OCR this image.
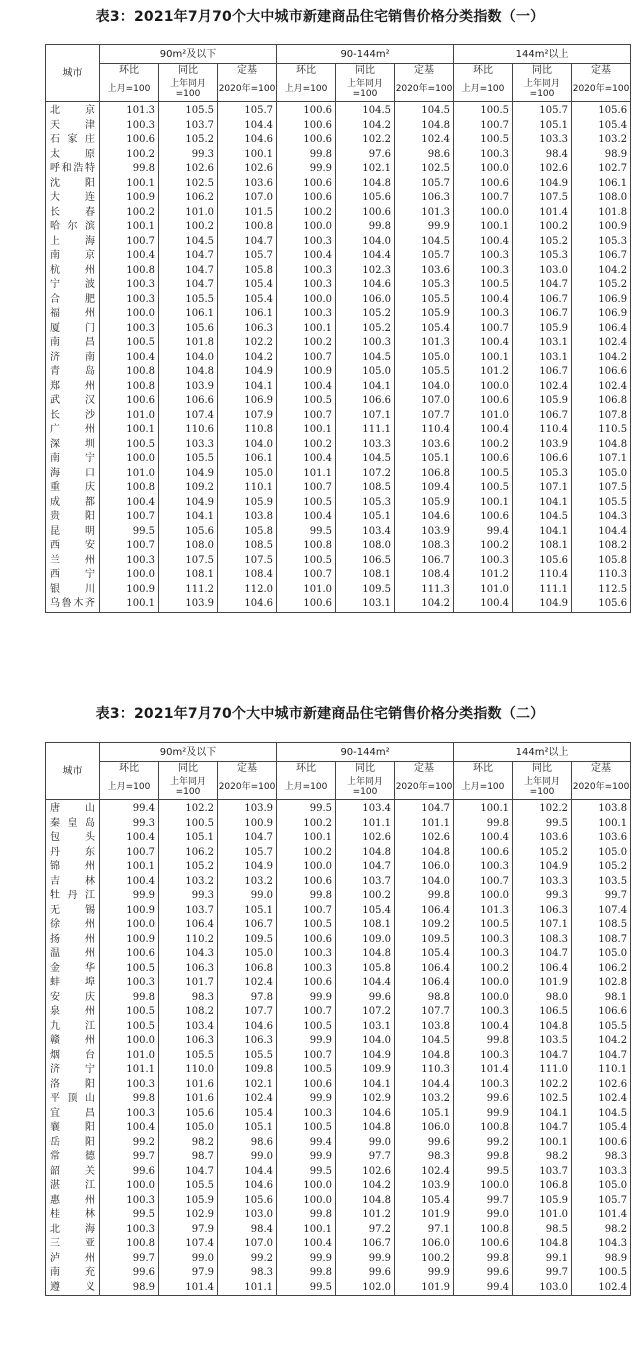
表3：2021年7月70个大中城市新建商品住宅销售价格分类指数（一）
城市	90m²及以下			90-144m²			144m²以上		
	环比	同比	定基	环比	同比	定基	环比	同比	定基
	上月=100	上年同月=100	2020年=100	上月=100	上年同月=100	2020年=100	上月=100	上年同月=100	2020年=100
北　京	101.3	105.5	105.7	100.6	104.5	104.5	100.5	105.7	105.6
天　津	100.3	103.7	104.4	100.6	104.2	104.8	100.7	105.1	105.4
石家庄	100.6	105.2	104.6	100.6	102.2	102.4	100.5	103.3	103.2
太　原	100.2	99.3	100.1	99.8	97.6	98.6	100.3	98.4	98.9
呼和浩特	99.8	102.6	102.6	99.9	102.1	102.5	100.0	102.6	102.7
沈　阳	100.1	102.5	103.6	100.6	104.8	105.7	100.6	104.9	106.1
大　连	100.9	106.2	107.0	100.6	105.6	106.3	100.7	107.5	108.0
长　春	100.2	101.0	101.5	100.2	100.6	101.3	100.0	101.4	101.8
哈尔滨	100.1	100.2	100.8	100.0	99.8	99.9	100.1	100.2	100.9
上　海	100.7	104.5	104.7	100.3	104.0	104.5	100.4	105.2	105.3
南　京	100.4	104.7	105.7	100.4	104.4	105.7	100.3	105.3	106.7
杭　州	100.8	104.7	105.8	100.3	102.3	103.6	100.3	103.0	104.2
宁　波	100.3	104.7	105.4	100.3	104.6	105.3	100.5	104.7	105.2
合　肥	100.3	105.5	105.4	100.0	106.0	105.5	100.4	106.7	106.9
福　州	100.0	106.1	106.1	100.3	105.2	105.9	100.3	106.7	106.9
厦　门	100.3	105.6	106.3	100.1	105.2	105.4	100.7	105.9	106.4
南　昌	100.5	101.8	102.2	100.2	100.3	101.3	100.4	103.1	102.4
济　南	100.4	104.0	104.2	100.7	104.5	105.0	100.1	103.1	104.2
青　岛	100.8	104.8	104.9	100.9	105.0	105.5	101.2	106.7	106.6
郑　州	100.8	103.9	104.1	100.4	104.1	104.0	100.0	102.4	102.4
武　汉	100.6	106.6	106.9	100.5	106.6	107.0	100.6	105.9	106.8
长　沙	101.0	107.4	107.9	100.7	107.1	107.7	101.0	106.7	107.8
广　州	100.1	110.6	110.8	100.1	111.1	110.4	100.4	110.4	110.5
深　圳	100.5	103.3	104.0	100.2	103.3	103.6	100.2	103.9	104.8
南　宁	100.0	105.5	106.1	100.4	104.5	105.1	100.6	106.6	107.1
海　口	101.0	104.9	105.0	101.1	107.2	106.8	100.5	105.3	105.0
重　庆	100.8	109.2	110.1	100.7	108.5	109.4	100.5	107.1	107.5
成　都	100.4	104.9	105.9	100.5	105.3	105.9	100.1	104.1	105.5
贵　阳	100.7	104.1	103.8	100.4	105.1	104.6	100.6	104.5	104.3
昆　明	99.5	105.6	105.8	99.5	103.4	103.9	99.4	104.1	104.4
西　安	100.7	108.0	108.5	100.8	108.0	108.3	100.2	108.1	108.2
兰　州	100.3	107.5	107.5	100.5	106.5	106.7	100.3	105.6	105.8
西　宁	100.0	108.1	108.4	100.7	108.1	108.4	101.2	110.4	110.3
银　川	100.9	111.2	112.0	101.0	109.5	111.3	101.0	111.1	112.5
乌鲁木齐	100.1	103.9	104.6	100.6	103.1	104.2	100.4	104.9	105.6
表3：2021年7月70个大中城市新建商品住宅销售价格分类指数（二）
城市	90m²及以下			90-144m²			144m²以上		
	环比	同比	定基	环比	同比	定基	环比	同比	定基
	上月=100	上年同月=100	2020年=100	上月=100	上年同月=100	2020年=100	上月=100	上年同月=100	2020年=100
唐　山	99.4	102.2	103.9	99.5	103.4	104.7	100.1	102.2	103.8
秦皇岛	99.3	100.5	100.9	100.2	101.1	101.1	99.8	99.5	100.1
包　头	100.4	105.1	104.7	100.1	102.6	102.6	100.4	103.6	103.6
丹　东	100.7	106.2	105.7	100.2	104.8	104.8	100.6	105.2	105.0
锦　州	100.1	105.2	104.9	100.0	104.7	106.0	100.3	104.9	105.2
吉　林	100.4	103.2	103.2	100.6	103.7	104.0	100.7	103.3	103.5
牡丹江	99.9	99.3	99.0	99.8	100.2	99.8	100.0	99.3	99.7
无　锡	100.9	103.7	105.1	100.7	105.4	106.4	101.3	106.3	107.4
徐　州	100.0	106.4	106.7	100.5	108.1	109.2	100.5	107.1	108.5
扬　州	100.9	110.2	109.5	100.6	109.0	109.5	100.3	108.3	108.7
温　州	100.6	104.3	105.0	100.3	104.8	105.4	100.3	104.7	105.0
金　华	100.5	106.3	106.8	100.3	105.8	106.4	100.2	106.4	106.2
蚌　埠	100.3	101.7	102.4	100.6	104.4	106.4	100.0	101.9	102.8
安　庆	99.8	98.3	97.8	99.9	99.6	98.8	100.0	98.0	98.1
泉　州	100.5	108.2	107.7	100.7	107.2	107.7	100.3	106.5	106.6
九　江	100.5	103.4	104.6	100.5	103.1	103.8	100.4	104.8	105.5
赣　州	100.0	106.3	106.3	99.9	104.0	104.5	99.8	103.5	104.2
烟　台	101.0	105.5	105.5	100.7	104.9	104.8	100.3	104.7	104.7
济　宁	101.1	110.0	109.8	100.5	109.9	110.3	101.4	111.0	110.1
洛　阳	100.3	101.6	102.1	100.6	104.1	104.4	100.3	102.2	102.6
平顶山	99.8	101.6	102.4	99.9	102.9	103.2	99.6	102.5	102.4
宜　昌	100.3	105.6	105.4	100.3	104.6	105.1	99.9	104.1	104.5
襄　阳	100.4	105.0	105.1	100.5	104.8	106.0	100.8	104.7	105.4
岳　阳	99.2	98.2	98.6	99.4	99.0	99.6	99.2	100.1	100.6
常　德	99.7	98.7	99.0	99.9	97.7	98.3	99.8	98.2	98.3
韶　关	99.6	104.7	104.4	99.5	102.6	102.4	99.5	103.7	103.3
湛　江	100.0	105.5	104.6	100.0	104.2	103.9	100.0	106.8	105.0
惠　州	100.3	105.9	105.6	100.0	104.8	105.4	99.7	105.9	105.7
桂　林	99.5	102.9	103.0	99.8	101.2	101.9	99.0	101.0	101.4
北　海	100.3	97.9	98.4	100.1	97.2	97.1	100.8	98.5	98.2
三　亚	100.8	107.4	107.0	100.4	106.7	106.0	100.6	104.8	104.3
泸　州	99.7	99.0	99.2	99.9	99.9	100.2	99.8	99.1	98.9
南　充	99.6	97.9	98.3	99.8	99.6	99.9	99.6	99.7	100.5
遵　义	98.9	101.4	101.1	99.5	102.0	101.9	99.4	103.0	102.4
